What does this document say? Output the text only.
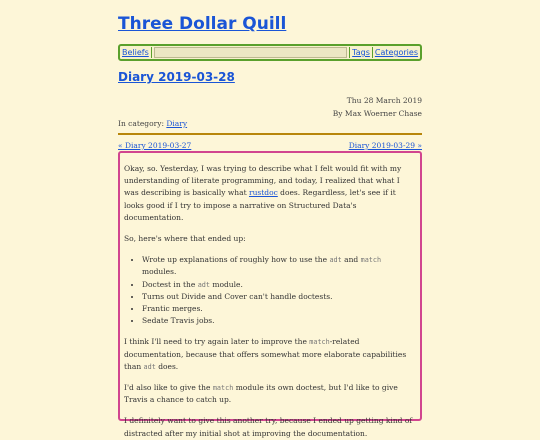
Three Dollar Quill
Beliefs	Tags Categories
Diary 2019-03-28
Thu 28 March 2019
By Max Woerner Chase
In category: Diary
« Diary 2019-03-27	Diary 2019-03-29 »

Okay, so. Yesterday, I was trying to describe what I felt would fit with my understanding of literate programming, and today, I realized that what I was describing is basically what rustdoc does. Regardless, let's see if it looks good if I try to impose a narrative on Structured Data's documentation.

So, here's where that ended up:

• Wrote up explanations of roughly how to use the adt and match modules.
• Doctest in the adt module.
• Turns out Divide and Cover can't handle doctests.
• Frantic merges.
• Sedate Travis jobs.

I think I'll need to try again later to improve the match-related documentation, because that offers somewhat more elaborate capabilities than adt does.

I'd also like to give the match module its own doctest, but I'd like to give Travis a chance to catch up.

I definitely want to give this another try, because I ended up getting kind of distracted after my initial shot at improving the documentation.
